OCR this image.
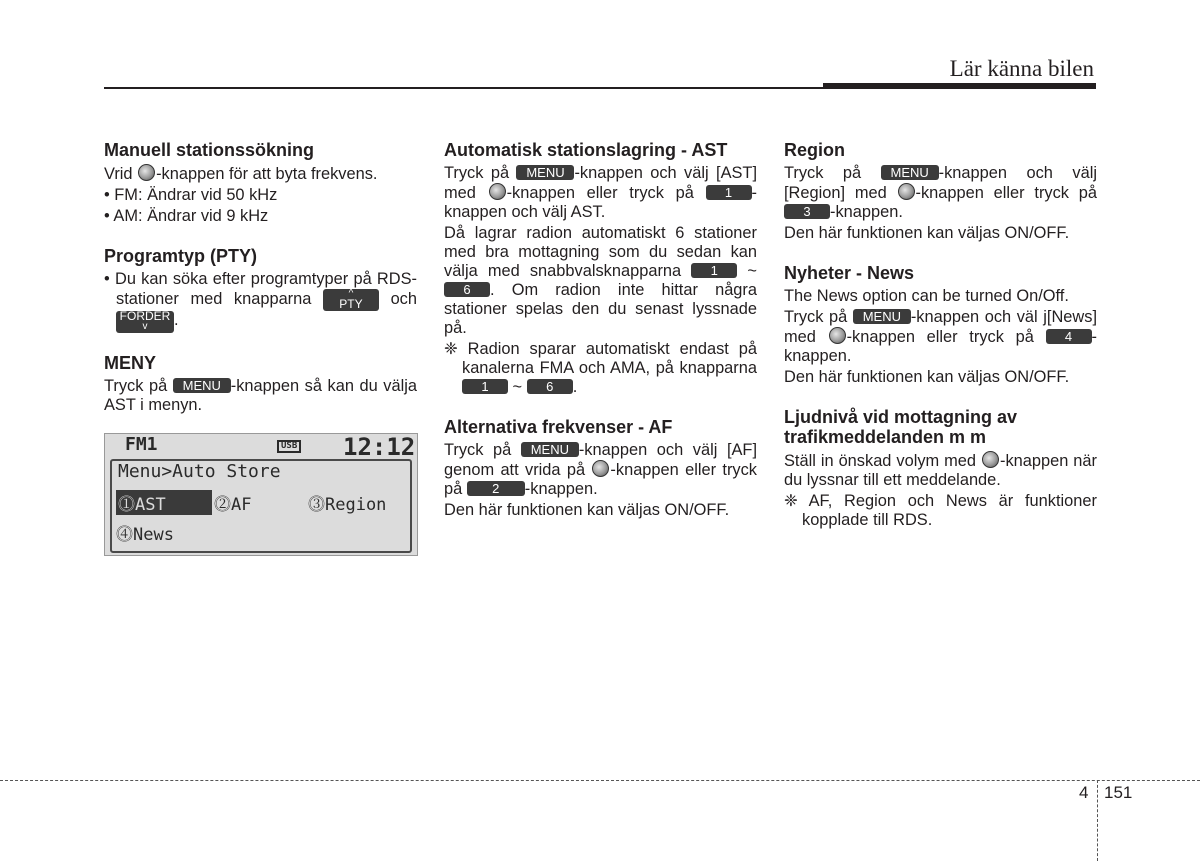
Lär känna bilen
Manuell stationssökning

Vrid -knappen för att byta frekvens.

• FM: Ändrar vid 50 kHz

• AM: Ändrar vid 9 kHz

Programtyp (PTY)

• Du kan söka efter programtyper på RDS-stationer med knapparna	^
PTY och FORDER
v	.

MENY

Tryck på MENU -knappen så kan du välja AST i menyn.

FM1	USB 12:12
Menu>Auto Store
⓵AST	⓶AF	⓷Region
⓸News
Automatisk stationslagring - AST

Tryck på MENU -knappen och välj [AST] med -knappen eller tryck på 1 -knappen och välj AST.

Då lagrar radion automatiskt 6 stationer med bra mottagning som du sedan kan välja med snabbvalsknapparna 1 ~ 6 . Om radion inte hittar några stationer spelas den du senast lyssnade på.

❈ Radion sparar automatiskt endast på kanalerna FMA och AMA, på knapparna 1 ~ 6 .

Alternativa frekvenser - AF

Tryck på MENU -knappen och välj [AF] genom att vrida på -knappen eller tryck på 2 -knappen.

Den här funktionen kan väljas ON/OFF.

Region

Tryck på MENU -knappen och välj [Region] med -knappen eller tryck på 3 -knappen.

Den här funktionen kan väljas ON/OFF.

Nyheter - News

The News option can be turned On/Off.

Tryck på MENU -knappen och väl j[News] med -knappen eller tryck på 4 -knappen.

Den här funktionen kan väljas ON/OFF.

Ljudnivå vid mottagning av trafikmeddelanden m m

Ställ in önskad volym med -knappen när du lyssnar till ett meddelande.

❈ AF, Region och News är funktioner kopplade till RDS.

4 151
